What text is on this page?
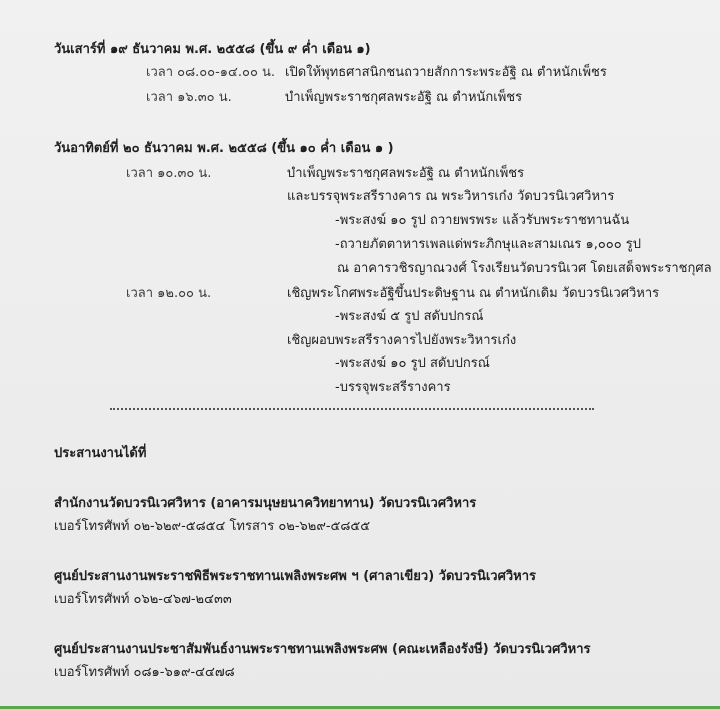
วันเสาร์ที่ ๑๙ ธันวาคม พ.ศ. ๒๕๕๘ (ขึ้น ๙ ค่ำ เดือน ๑)
เวลา ๐๘.๐๐-๑๔.๐๐ น. เปิดให้พุทธศาสนิกชนถวายสักการะพระอัฐิ ณ ตำหนักเพ็ชร
เวลา ๑๖.๓๐ น.	บำเพ็ญพระราชกุศลพระอัฐิ ณ ตำหนักเพ็ชร
วันอาทิตย์ที่ ๒๐ ธันวาคม พ.ศ. ๒๕๕๘ (ขึ้น ๑๐ ค่ำ เดือน ๑ )
เวลา ๑๐.๓๐ น.	บำเพ็ญพระราชกุศลพระอัฐิ ณ ตำหนักเพ็ชร
และบรรจุพระสรีรางคาร ณ พระวิหารเก๋ง วัดบวรนิเวศวิหาร
-พระสงฆ์ ๑๐ รูป ถวายพรพระ แล้วรับพระราชทานฉัน
-ถวายภัตตาหารเพลแด่พระภิกษุและสามเณร ๑,๐๐๐ รูป
ณ อาคารวชิรญาณวงศ์ โรงเรียนวัดบวรนิเวศ โดยเสด็จพระราชกุศล
เวลา ๑๒.๐๐ น.	เชิญพระโกศพระอัฐิขึ้นประดิษฐาน ณ ตำหนักเดิม วัดบวรนิเวศวิหาร
-พระสงฆ์ ๕ รูป สดับปกรณ์
เชิญผอบพระสรีรางคารไปยังพระวิหารเก๋ง
-พระสงฆ์ ๑๐ รูป สดับปกรณ์
-บรรจุพระสรีรางคาร
ประสานงานได้ที่
สำนักงานวัดบวรนิเวศวิหาร (อาคารมนุษยนาควิทยาทาน) วัดบวรนิเวศวิหาร
เบอร์โทรศัพท์ ๐๒-๖๒๙-๕๘๕๔ โทรสาร ๐๒-๖๒๙-๕๘๕๕
ศูนย์ประสานงานพระราชพิธีพระราชทานเพลิงพระศพ ฯ (ศาลาเขียว) วัดบวรนิเวศวิหาร
เบอร์โทรศัพท์ ๐๖๒-๔๖๗-๒๔๓๓
ศูนย์ประสานงานประชาสัมพันธ์งานพระราชทานเพลิงพระศพ (คณะเหลืองรังษี) วัดบวรนิเวศวิหาร
เบอร์โทรศัพท์ ๐๘๑-๖๑๙-๔๔๗๘
